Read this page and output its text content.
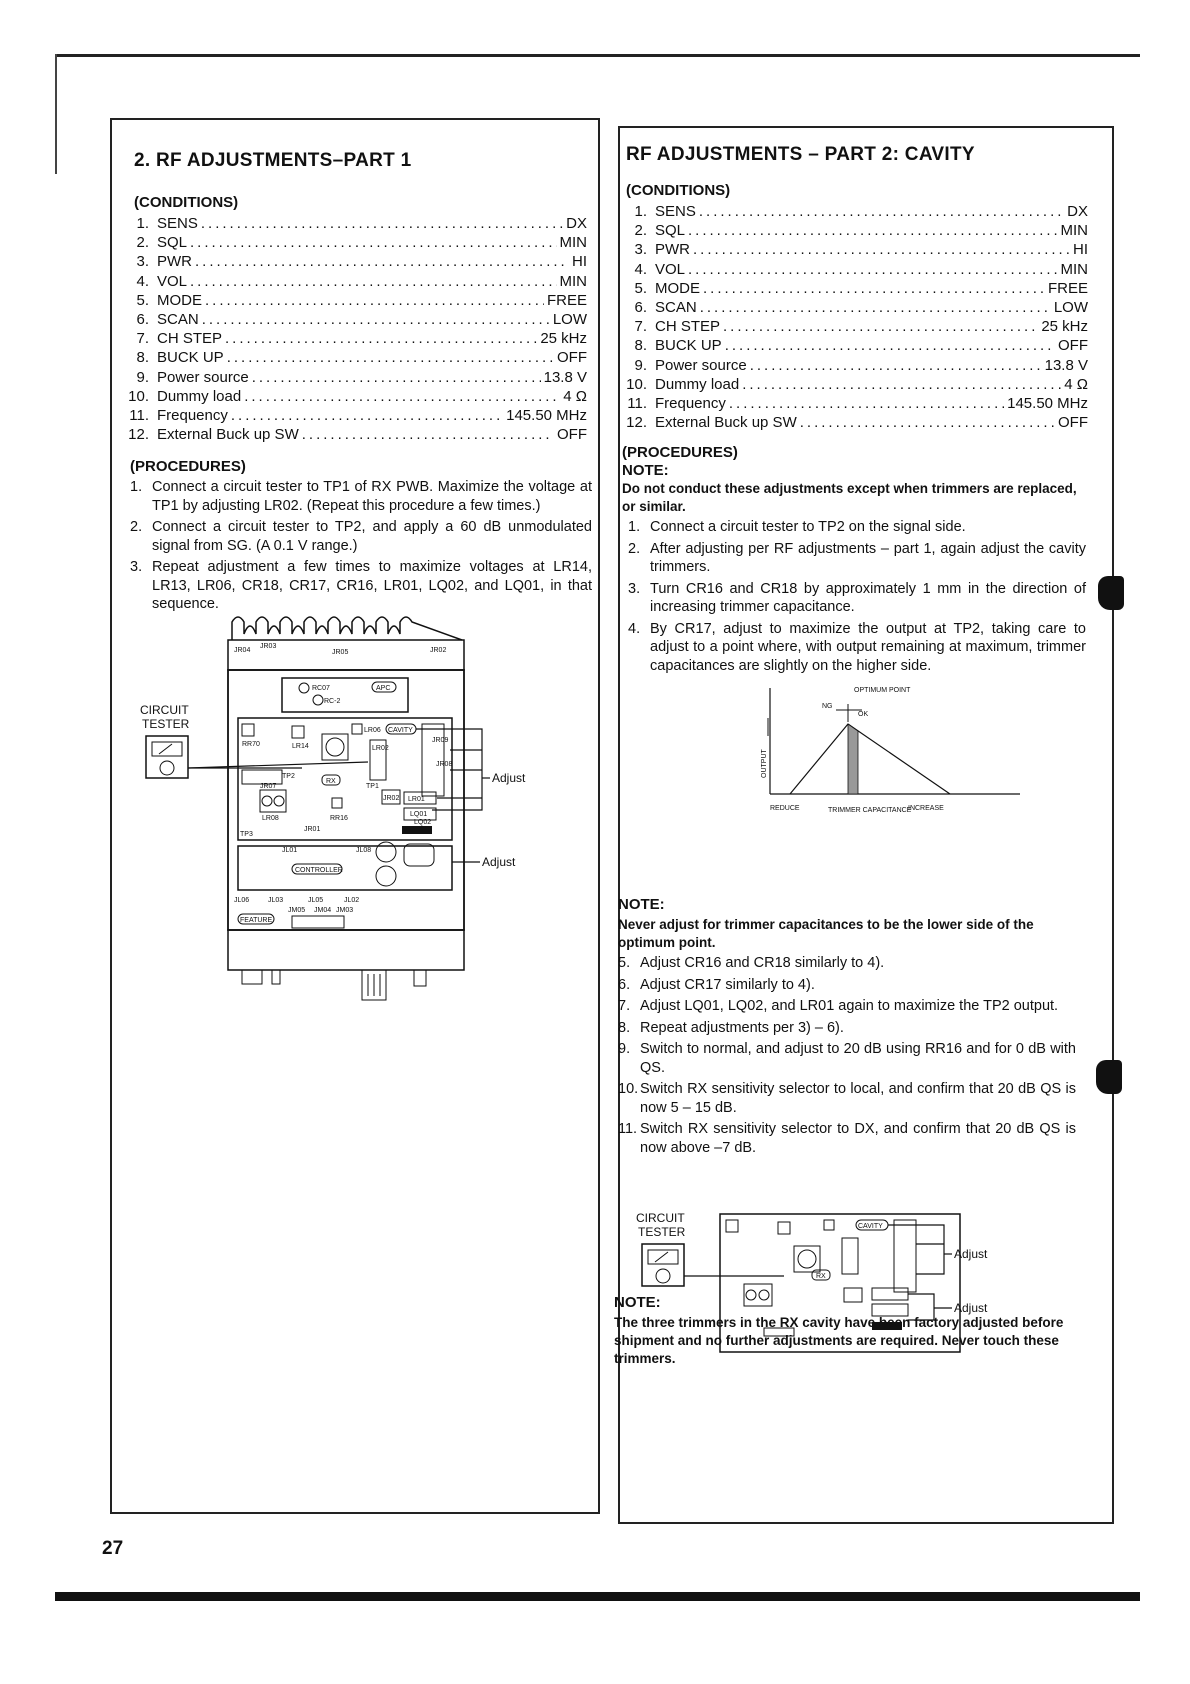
2. RF ADJUSTMENTS–PART 1
(CONDITIONS)
1. SENS .....	DX
2. SQL .....	MIN
3. PWR .....	HI
4. VOL .....	MIN
5. MODE .....	FREE
6. SCAN .....	LOW
7. CH STEP .....	25 kHz
8. BUCK UP .....	OFF
9. Power source .....	13.8 V
10. Dummy load .....	4 Ω
11. Frequency .....	145.50 MHz
12. External Buck up SW .....	OFF
(PROCEDURES)
1. Connect a circuit tester to TP1 of RX PWB. Maximize the voltage at TP1 by adjusting LR02. (Repeat this procedure a few times.)
2. Connect a circuit tester to TP2, and apply a 60 dB unmodulated signal from SG. (A 0.1 V range.)
3. Repeat adjustment a few times to maximize voltages at LR14, LR13, LR06, CR18, CR17, CR16, LR01, LQ02, and LQ01, in that sequence.
JR04
JR03
JR05	JR02
RC07
RC-2
APC
RR70	LR14
LR06 CAVITY
LR02
TP1
JR09
JR08
TP2
RX
JR07
LR08
JR02 LR01
LQ01
LQ02
TP3
RR16
JR01
Adjust
JL01
CONTROLLER
JL08
Adjust
JL06	JL03	JL05	JL02
FEATURE
JM05 JM04 JM03
CIRCUIT
TESTER
RF ADJUSTMENTS – PART 2: CAVITY
(CONDITIONS)
1. SENS .....	DX
2. SQL .....	MIN
3. PWR .....	HI
4. VOL .....	MIN
5. MODE .....	FREE
6. SCAN .....	LOW
7. CH STEP .....	25 kHz
8. BUCK UP .....	OFF
9. Power source .....	13.8 V
10. Dummy load .....	4 Ω
11. Frequency .....	145.50 MHz
12. External Buck up SW .....	OFF
(PROCEDURES)
NOTE:

Do not conduct these adjustments except when trimmers are replaced, or similar.

1. Connect a circuit tester to TP2 on the signal side.
2. After adjusting per RF adjustments – part 1, again adjust the cavity trimmers.
3. Turn CR16 and CR18 by approximately 1 mm in the direction of increasing trimmer capacitance.
4. By CR17, adjust to maximize the output at TP2, taking care to adjust to a point where, with output remaining at maximum, trimmer capacitances are slightly on the higher side.
OPTIMUM POINT
NG
OK
OUTPUT
REDUCE	TRIMMER CAPACITANCE
INCREASE
NOTE:

Never adjust for trimmer capacitances to be the lower side of the optimum point.

5. Adjust CR16 and CR18 similarly to 4).
6. Adjust CR17 similarly to 4).
7. Adjust LQ01, LQ02, and LR01 again to maximize the TP2 output.
8. Repeat adjustments per 3) – 6).
9. Switch to normal, and adjust to 20 dB using RR16 and for 0 dB with QS.
10. Switch RX sensitivity selector to local, and confirm that 20 dB QS is now 5 – 15 dB.
11. Switch RX sensitivity selector to DX, and confirm that 20 dB QS is now above –7 dB.
CIRCUIT
TESTER	CAVITY
RX
Adjust
Adjust
NOTE:

The three trimmers in the RX cavity have been factory adjusted before shipment and no further adjustments are required. Never touch these trimmers.

27
